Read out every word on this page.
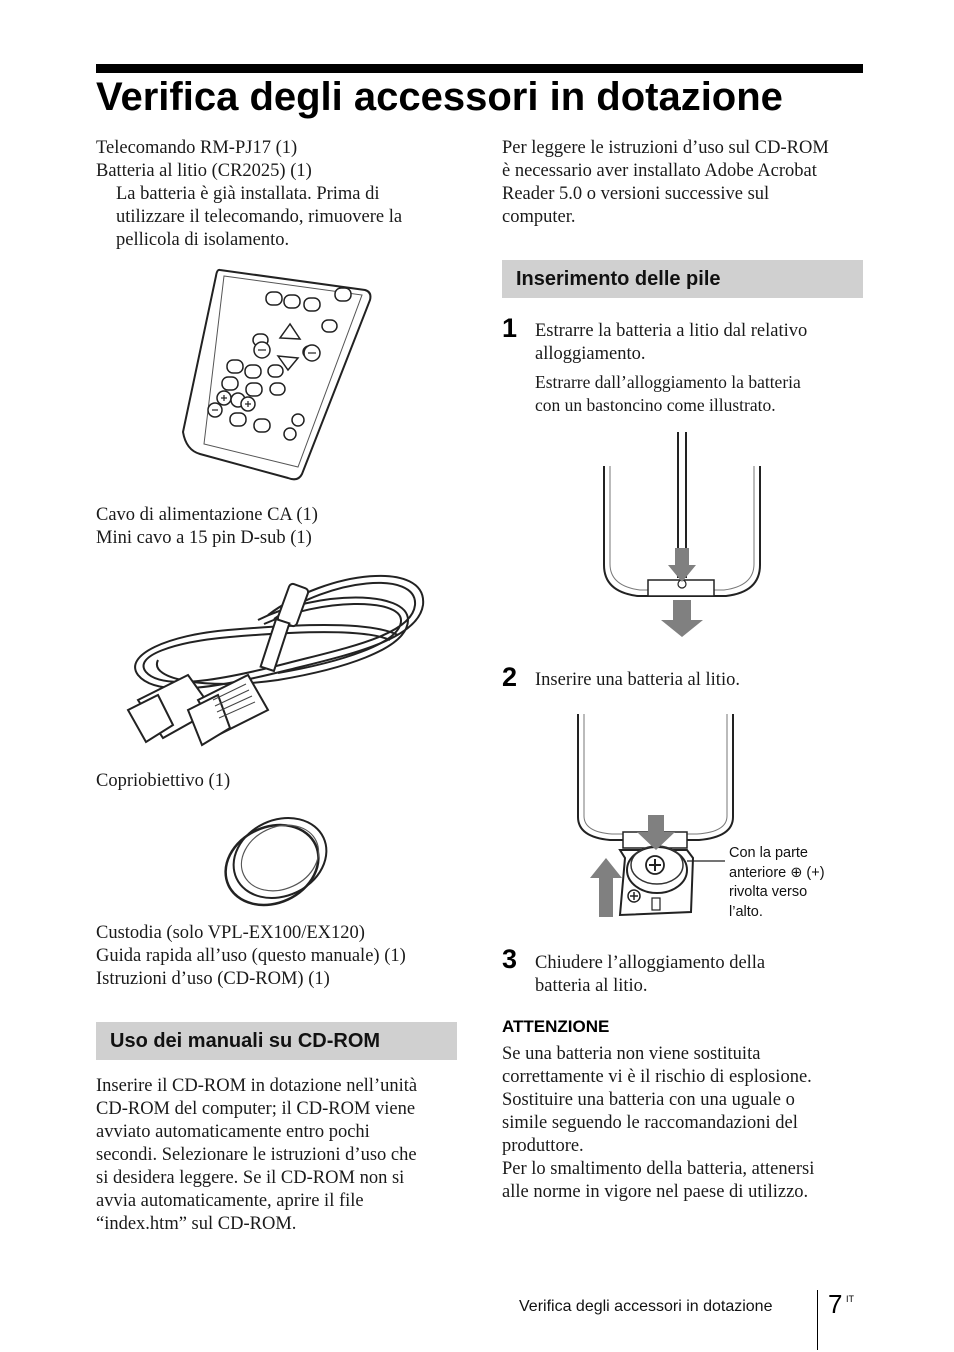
Verifica degli accessori in dotazione
Telecomando RM-PJ17 (1)
Batteria al litio (CR2025) (1)
La batteria è già installata. Prima di
utilizzare il telecomando, rimuovere la
pellicola di isolamento.
Cavo di alimentazione CA (1)
Mini cavo a 15 pin D-sub (1)
Copriobiettivo (1)
Custodia (solo VPL-EX100/EX120)
Guida rapida all’uso (questo manuale) (1)
Istruzioni d’uso (CD-ROM) (1)
Uso dei manuali su CD-ROM
Inserire il CD-ROM in dotazione nell’unità
CD-ROM del computer; il CD-ROM viene
avviato automaticamente entro pochi
secondi. Selezionare le istruzioni d’uso che
si desidera leggere. Se il CD-ROM non si
avvia automaticamente, aprire il file
“index.htm” sul CD-ROM.
Per leggere le istruzioni d’uso sul CD-ROM
è necessario aver installato Adobe Acrobat
Reader 5.0 o versioni successive sul
computer.
Inserimento delle pile
1 Estrarre la batteria a litio dal relativo
alloggiamento.
Estrarre dall’alloggiamento la batteria
con un bastoncino come illustrato.
2 Inserire una batteria al litio.
Con la parte
anteriore ⊕ (+)
rivolta verso
l’alto.
3 Chiudere l’alloggiamento della
batteria al litio.
ATTENZIONE
Se una batteria non viene sostituita
correttamente vi è il rischio di esplosione.
Sostituire una batteria con una uguale o
simile seguendo le raccomandazioni del
produttore.
Per lo smaltimento della batteria, attenersi
alle norme in vigore nel paese di utilizzo.
Verifica degli accessori in dotazione 7 IT
